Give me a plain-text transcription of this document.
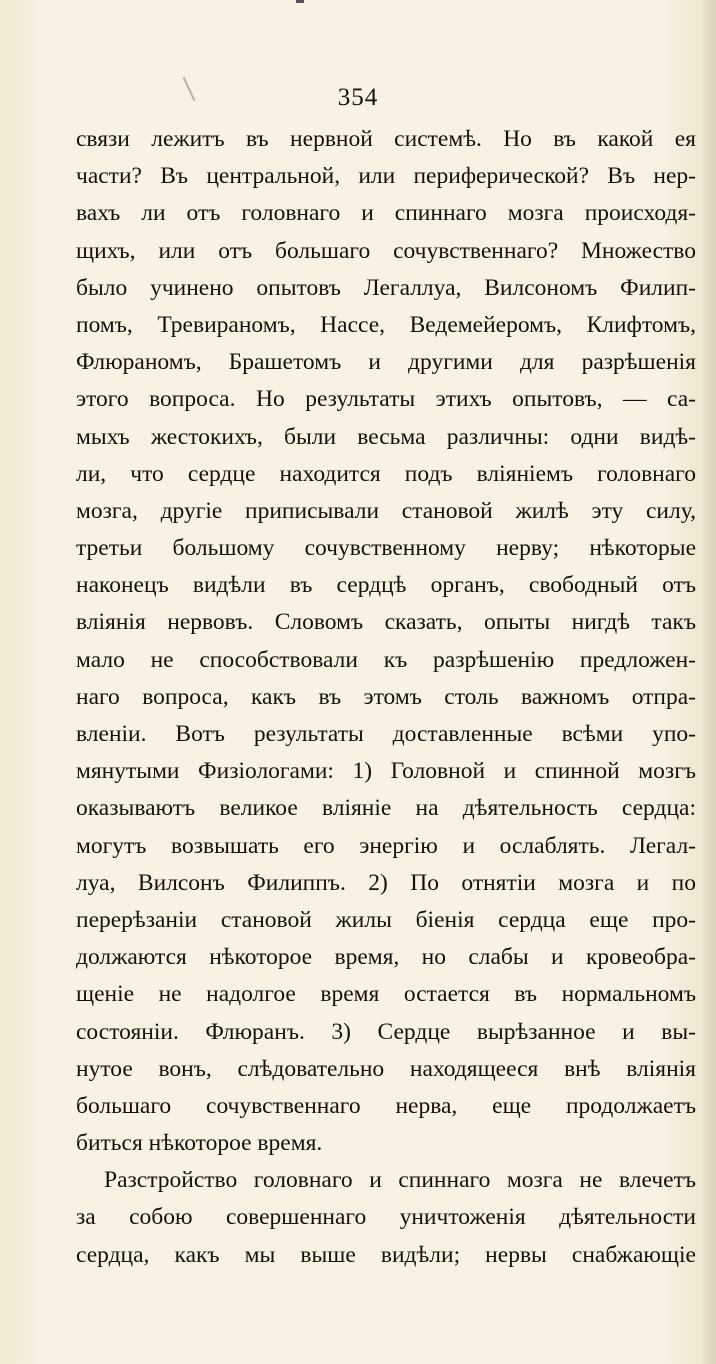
354
связи лежитъ въ нервной системѣ. Но въ какой ея
части? Въ центральной, или периферической? Въ нер-
вахъ ли отъ головнаго и спиннаго мозга происходя-
щихъ, или отъ большаго сочувственнаго? Множество
было учинено опытовъ Легаллуа, Вилсономъ Филип-
помъ, Тревираномъ, Нассе, Ведемейеромъ, Клифтомъ,
Флюраномъ, Брашетомъ и другими для разрѣшенія
этого вопроса. Но результаты этихъ опытовъ, — са-
мыхъ жестокихъ, были весьма различны: одни видѣ-
ли, что сердце находится подъ вліяніемъ головнаго
мозга, другіе приписывали становой жилѣ эту силу,
третьи большому сочувственному нерву; нѣкоторые
наконецъ видѣли въ сердцѣ органъ, свободный отъ
вліянія нервовъ. Словомъ сказать, опыты нигдѣ такъ
мало не способствовали къ разрѣшенію предложен-
наго вопроса, какъ въ этомъ столь важномъ отпра-
вленіи. Вотъ результаты доставленные всѣми упо-
мянутыми Физіологами: 1) Головной и спинной мозгъ
оказываютъ великое вліяніе на дѣятельность сердца:
могутъ возвышать его энергію и ослаблять. Легал-
луа, Вилсонъ Филиппъ. 2) По отнятіи мозга и по
перерѣзаніи становой жилы біенія сердца еще про-
должаются нѣкоторое время, но слабы и кровеобра-
щеніе не надолгое время остается въ нормальномъ
состояніи. Флюранъ. 3) Сердце вырѣзанное и вы-
нутое вонъ, слѣдовательно находящееся внѣ вліянія
большаго сочувственнаго нерва, еще продолжаетъ
биться нѣкоторое время.
Разстройство головнаго и спиннаго мозга не влечетъ
за собою совершеннаго уничтоженія дѣятельности
сердца, какъ мы выше видѣли; нервы снабжающіе
